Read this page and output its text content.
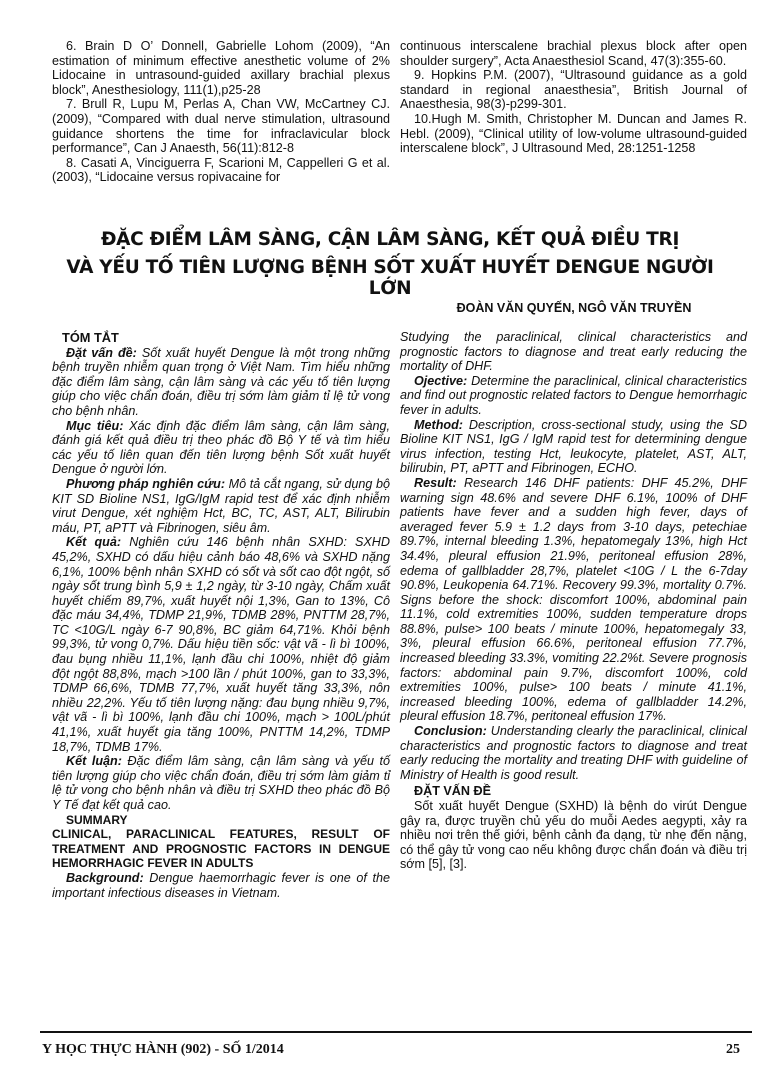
6. Brain D O’ Donnell, Gabrielle Lohom (2009), “An estimation of minimum effective anesthetic volume of 2% Lidocaine in untrasound-guided axillary brachial plexus block”, Anesthesiology, 111(1),p25-28

7. Brull R, Lupu M, Perlas A, Chan VW, McCartney CJ. (2009), “Compared with dual nerve stimulation, ultrasound guidance shortens the time for infraclavicular block performance”, Can J Anaesth, 56(11):812-8

8. Casati A, Vinciguerra F, Scarioni M, Cappelleri G et al. (2003), “Lidocaine versus ropivacaine for

continuous interscalene brachial plexus block after open shoulder surgery”, Acta Anaesthesiol Scand, 47(3):355-60.

9. Hopkins P.M. (2007), “Ultrasound guidance as a gold standard in regional anaesthesia”, British Journal of Anaesthesia, 98(3)-p299-301.

10.Hugh M. Smith, Christopher M. Duncan and James R. Hebl. (2009), “Clinical utility of low-volume ultrasound-guided interscalene block”, J Ultrasound Med, 28:1251-1258

ĐẶC ĐIỂM LÂM SÀNG, CẬN LÂM SÀNG, KẾT QUẢ ĐIỀU TRỊ
VÀ YẾU TỐ TIÊN LƯỢNG BỆNH SỐT XUẤT HUYẾT DENGUE NGƯỜI LỚN
ĐOÀN VĂN QUYẾN, NGÔ VĂN TRUYỀN

TÓM TẮT

Đặt vấn đề: Sốt xuất huyết Dengue là một trong những bệnh truyền nhiễm quan trọng ở Việt Nam. Tìm hiểu những đặc điểm lâm sàng, cận lâm sàng và các yếu tố tiên lượng giúp cho việc chẩn đoán, điều trị sớm làm giảm tỉ lệ tử vong cho bệnh nhân.

Mục tiêu: Xác định đặc điểm lâm sàng, cận lâm sàng, đánh giá kết quả điều trị theo phác đồ Bộ Y tế và tìm hiểu các yếu tố liên quan đến tiên lượng bệnh Sốt xuất huyết Dengue ở người lớn.

Phương pháp nghiên cứu: Mô tả cắt ngang, sử dụng bộ KIT SD Bioline NS1, IgG/IgM rapid test để xác định nhiễm virut Dengue, xét nghiệm Hct, BC, TC, AST, ALT, Bilirubin máu, PT, aPTT và Fibrinogen, siêu âm.

Kết quả: Nghiên cứu 146 bệnh nhân SXHD: SXHD 45,2%, SXHD có dấu hiệu cảnh báo 48,6% và SXHD nặng 6,1%, 100% bệnh nhân SXHD có sốt và sốt cao đột ngột, số ngày sốt trung bình 5,9 ± 1,2 ngày, từ 3-10 ngày, Chấm xuất huyết chiếm 89,7%, xuất huyết nội 1,3%, Gan to 13%, Cô đặc máu 34,4%, TDMP 21,9%, TDMB 28%, PNTTM 28,7%, TC <10G/L ngày 6-7 90,8%, BC giảm 64,71%. Khỏi bệnh 99,3%, tử vong 0,7%. Dấu hiệu tiền sốc: vật vã - lì bì 100%, đau bụng nhiều 11,1%, lạnh đầu chi 100%, nhiệt độ giảm đột ngột 88,8%, mạch >100 lần / phút 100%, gan to 33,3%, TDMP 66,6%, TDMB 77,7%, xuất huyết tăng 33,3%, nôn nhiều 22,2%. Yếu tố tiên lượng nặng: đau bụng nhiều 9,7%, vật vã - lì bì 100%, lạnh đầu chi 100%, mạch > 100L/phút 41,1%, xuất huyết gia tăng 100%, PNTTM 14,2%, TDMP 18,7%, TDMB 17%.

Kết luận: Đặc điểm lâm sàng, cận lâm sàng và yếu tố tiên lượng giúp cho việc chẩn đoán, điều trị sớm làm giảm tỉ lệ tử vong cho bệnh nhân và điều trị SXHD theo phác đồ Bộ Y Tế đạt kết quả cao.

SUMMARY

CLINICAL, PARACLINICAL FEATURES, RESULT OF TREATMENT AND PROGNOSTIC FACTORS IN DENGUE HEMORRHAGIC FEVER IN ADULTS

Background: Dengue haemorrhagic fever is one of the important infectious diseases in Vietnam.

Studying the paraclinical, clinical characteristics and prognostic factors to diagnose and treat early reducing the mortality of DHF.

Ojective: Determine the paraclinical, clinical characteristics and find out prognostic related factors to Dengue hemorrhagic fever in adults.

Method: Description, cross-sectional study, using the SD Bioline KIT NS1, IgG / IgM rapid test for determining dengue virus infection, testing Hct, leukocyte, platelet, AST, ALT, bilirubin, PT, aPTT and Fibrinogen, ECHO.

Result: Research 146 DHF patients: DHF 45.2%, DHF warning sign 48.6% and severe DHF 6.1%, 100% of DHF patients have fever and a sudden high fever, days of averaged fever 5.9 ± 1.2 days from 3-10 days, petechiae 89.7%, internal bleeding 1.3%, hepatomegaly 13%, high Hct 34.4%, pleural effusion 21.9%, peritoneal effusion 28%, edema of gallbladder 28,7%, platelet <10G / L the 6-7day 90.8%, Leukopenia 64.71%. Recovery 99.3%, mortality 0.7%. Signs before the shock: discomfort 100%, abdominal pain 11.1%, cold extremities 100%, sudden temperature drops 88.8%, pulse> 100 beats / minute 100%, hepatomegaly 33, 3%, pleural effusion 66.6%, peritoneal effusion 77.7%, increased bleeding 33.3%, vomiting 22.2%t. Severe prognosis factors: abdominal pain 9.7%, discomfort 100%, cold extremities 100%, pulse> 100 beats / minute 41.1%, increased bleeding 100%, edema of gallbladder 14.2%, pleural effusion 18.7%, peritoneal effusion 17%.

Conclusion: Understanding clearly the paraclinical, clinical characteristics and prognostic factors to diagnose and treat early reducing the mortality and treating DHF with guideline of Ministry of Health is good result.

ĐẶT VẤN ĐỀ

Sốt xuất huyết Dengue (SXHD) là bệnh do virút Dengue gây ra, được truyền chủ yếu do muỗi Aedes aegypti, xảy ra nhiều nơi trên thế giới, bệnh cảnh đa dạng, từ nhẹ đến nặng, có thể gây tử vong cao nếu không được chẩn đoán và điều trị sớm [5], [3].

Y HỌC THỰC HÀNH (902) - SỐ 1/2014	25
